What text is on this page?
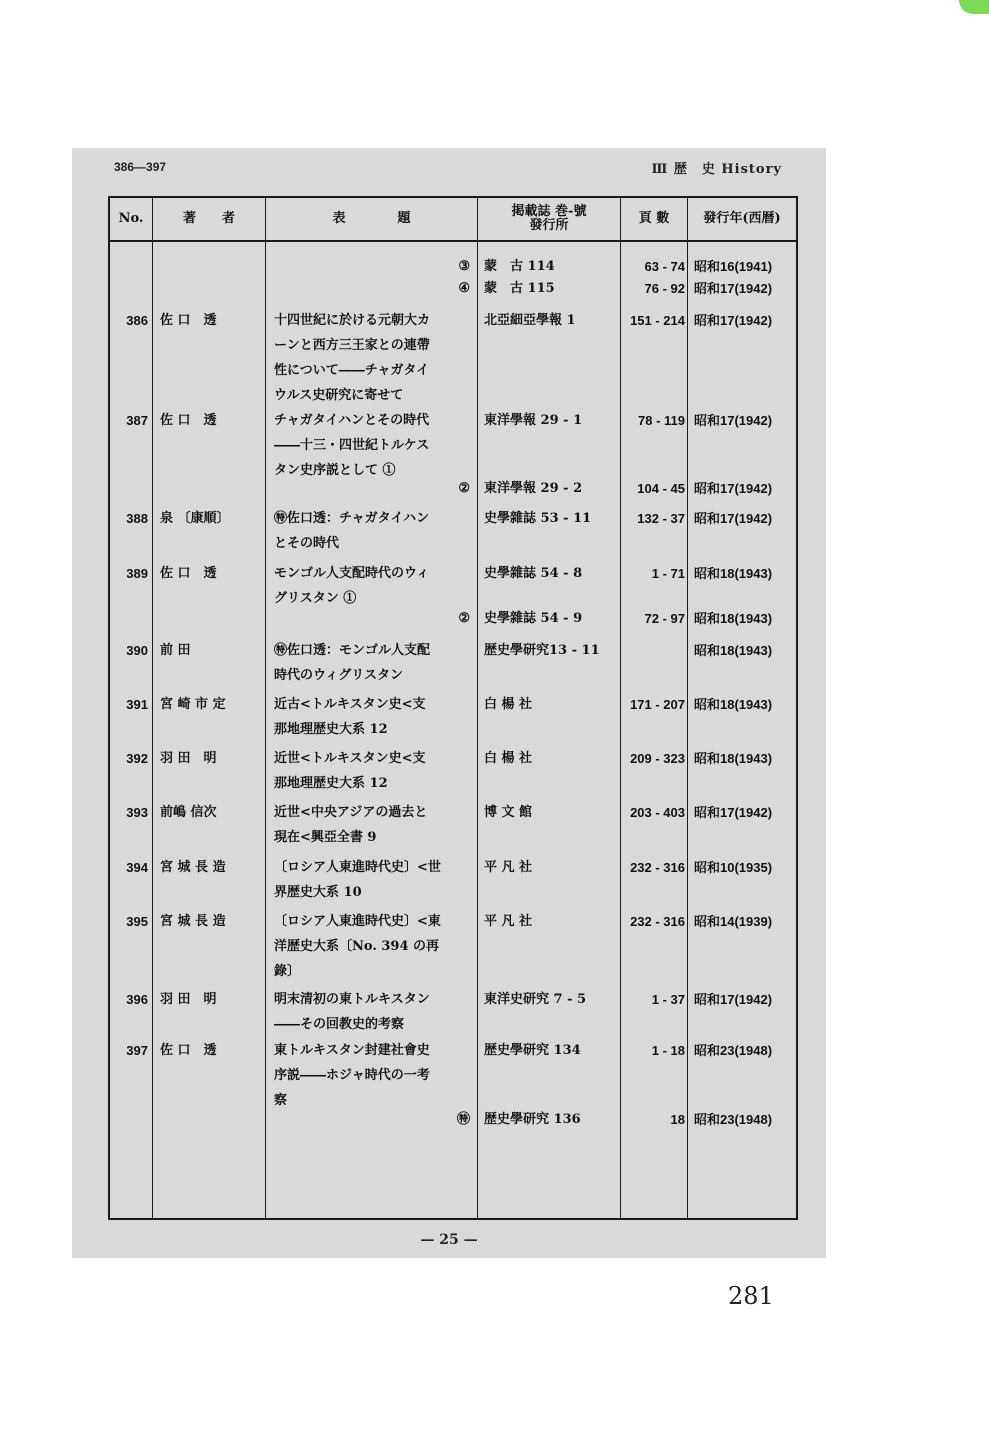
386—397	Ⅲ 歴　史 History
No.	著　　者	表　　　　題	掲載誌 巻-號
發行所	頁 數	發行年(西暦)
③ 蒙　古 114	63 - 74 昭和16(1941)
④ 蒙　古 115	76 - 92 昭和17(1942)
386 佐 口　透	十四世紀に於ける元朝大カ
ーンと西方三王家との連帶
性について――チャガタイ
ウルス史研究に寄せて
北亞細亞學報 1	151 - 214 昭和17(1942)
387 佐 口　透	チャガタイハンとその時代
――十三・四世紀トルケス
タン史序説として ①
東洋學報 29 - 1	78 - 119 昭和17(1942)
② 東洋學報 29 - 2	104 - 45 昭和17(1942)
388 泉 〔康順〕	㊕佐口透：チャガタイハン
とその時代
史學雜誌 53 - 11	132 - 37 昭和17(1942)
389 佐 口　透	モンゴル人支配時代のウィ
グリスタン ①
史學雜誌 54 - 8	1 - 71 昭和18(1943)
② 史學雜誌 54 - 9	72 - 97 昭和18(1943)
390 前 田	㊕佐口透：モンゴル人支配
時代のウィグリスタン
歴史學研究13 - 11	昭和18(1943)
391 宮 崎 市 定	近古<トルキスタン史<支
那地理歴史大系 12
白 楊 社	171 - 207 昭和18(1943)
392 羽 田　明	近世<トルキスタン史<支
那地理歴史大系 12
白 楊 社	209 - 323 昭和18(1943)
393 前嶋 信次	近世<中央アジアの過去と
現在<興亞全書 9
博 文 館	203 - 403 昭和17(1942)
394 宮 城 長 造	〔ロシア人東進時代史〕<世
界歴史大系 10
平 凡 社	232 - 316 昭和10(1935)
395 宮 城 長 造	〔ロシア人東進時代史〕<東
洋歴史大系〔No. 394 の再
錄〕
平 凡 社	232 - 316 昭和14(1939)
396 羽 田　明	明末清初の東トルキスタン
――その回教史的考察
東洋史研究 7 - 5	1 - 37 昭和17(1942)
397 佐 口　透	東トルキスタン封建社會史
序説――ホジャ時代の一考
察
歴史學研究 134	1 - 18 昭和23(1948)
㊕ 歴史學研究 136	18 昭和23(1948)
— 25 —
281
